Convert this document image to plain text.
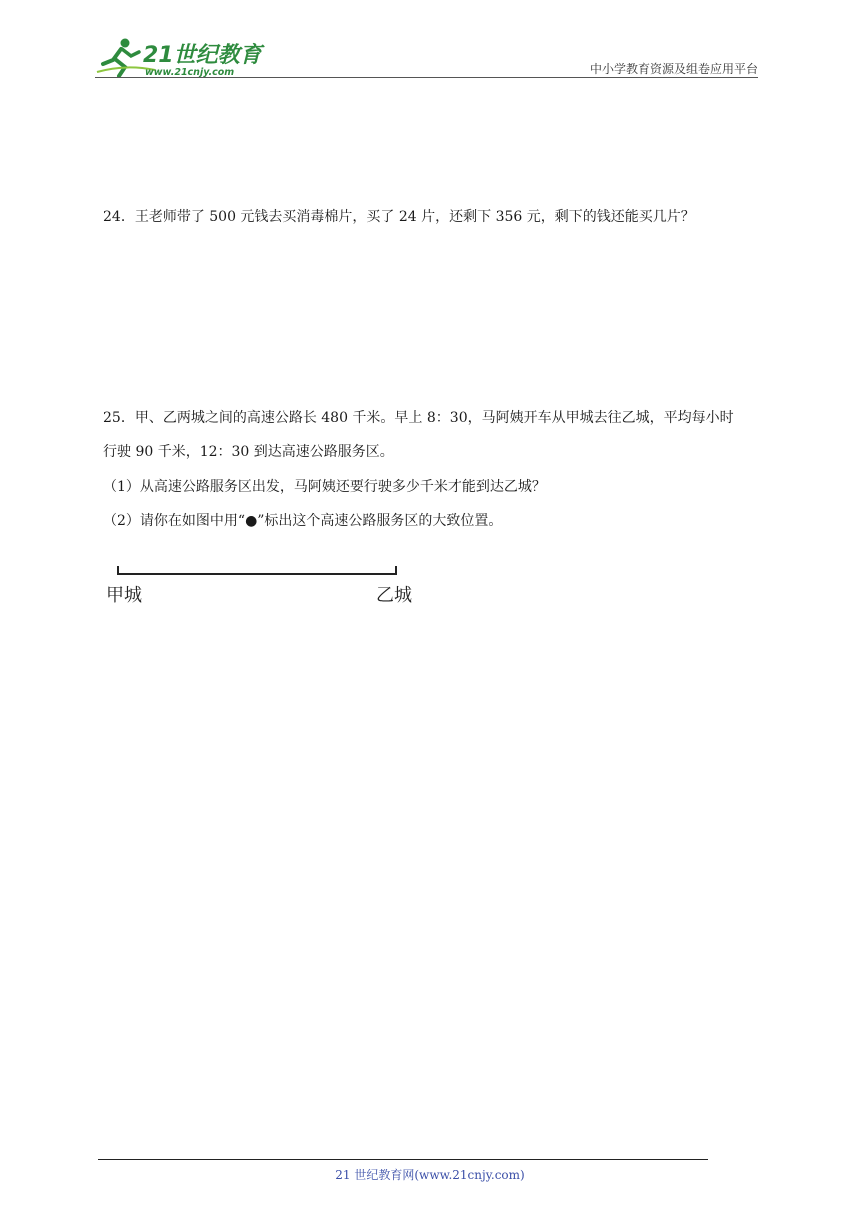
21世纪教育
www.21cnjy.com	中小学教育资源及组卷应用平台
24．王老师带了 500 元钱去买消毒棉片，买了 24 片，还剩下 356 元，剩下的钱还能买几片？
25．甲、乙两城之间的高速公路长 480 千米。早上 8：30，马阿姨开车从甲城去往乙城，平均每小时
行驶 90 千米，12：30 到达高速公路服务区。
（1）从高速公路服务区出发，马阿姨还要行驶多少千米才能到达乙城？
（2）请你在如图中用“●”标出这个高速公路服务区的大致位置。
甲城	乙城
21 世纪教育网(www.21cnjy.com)
